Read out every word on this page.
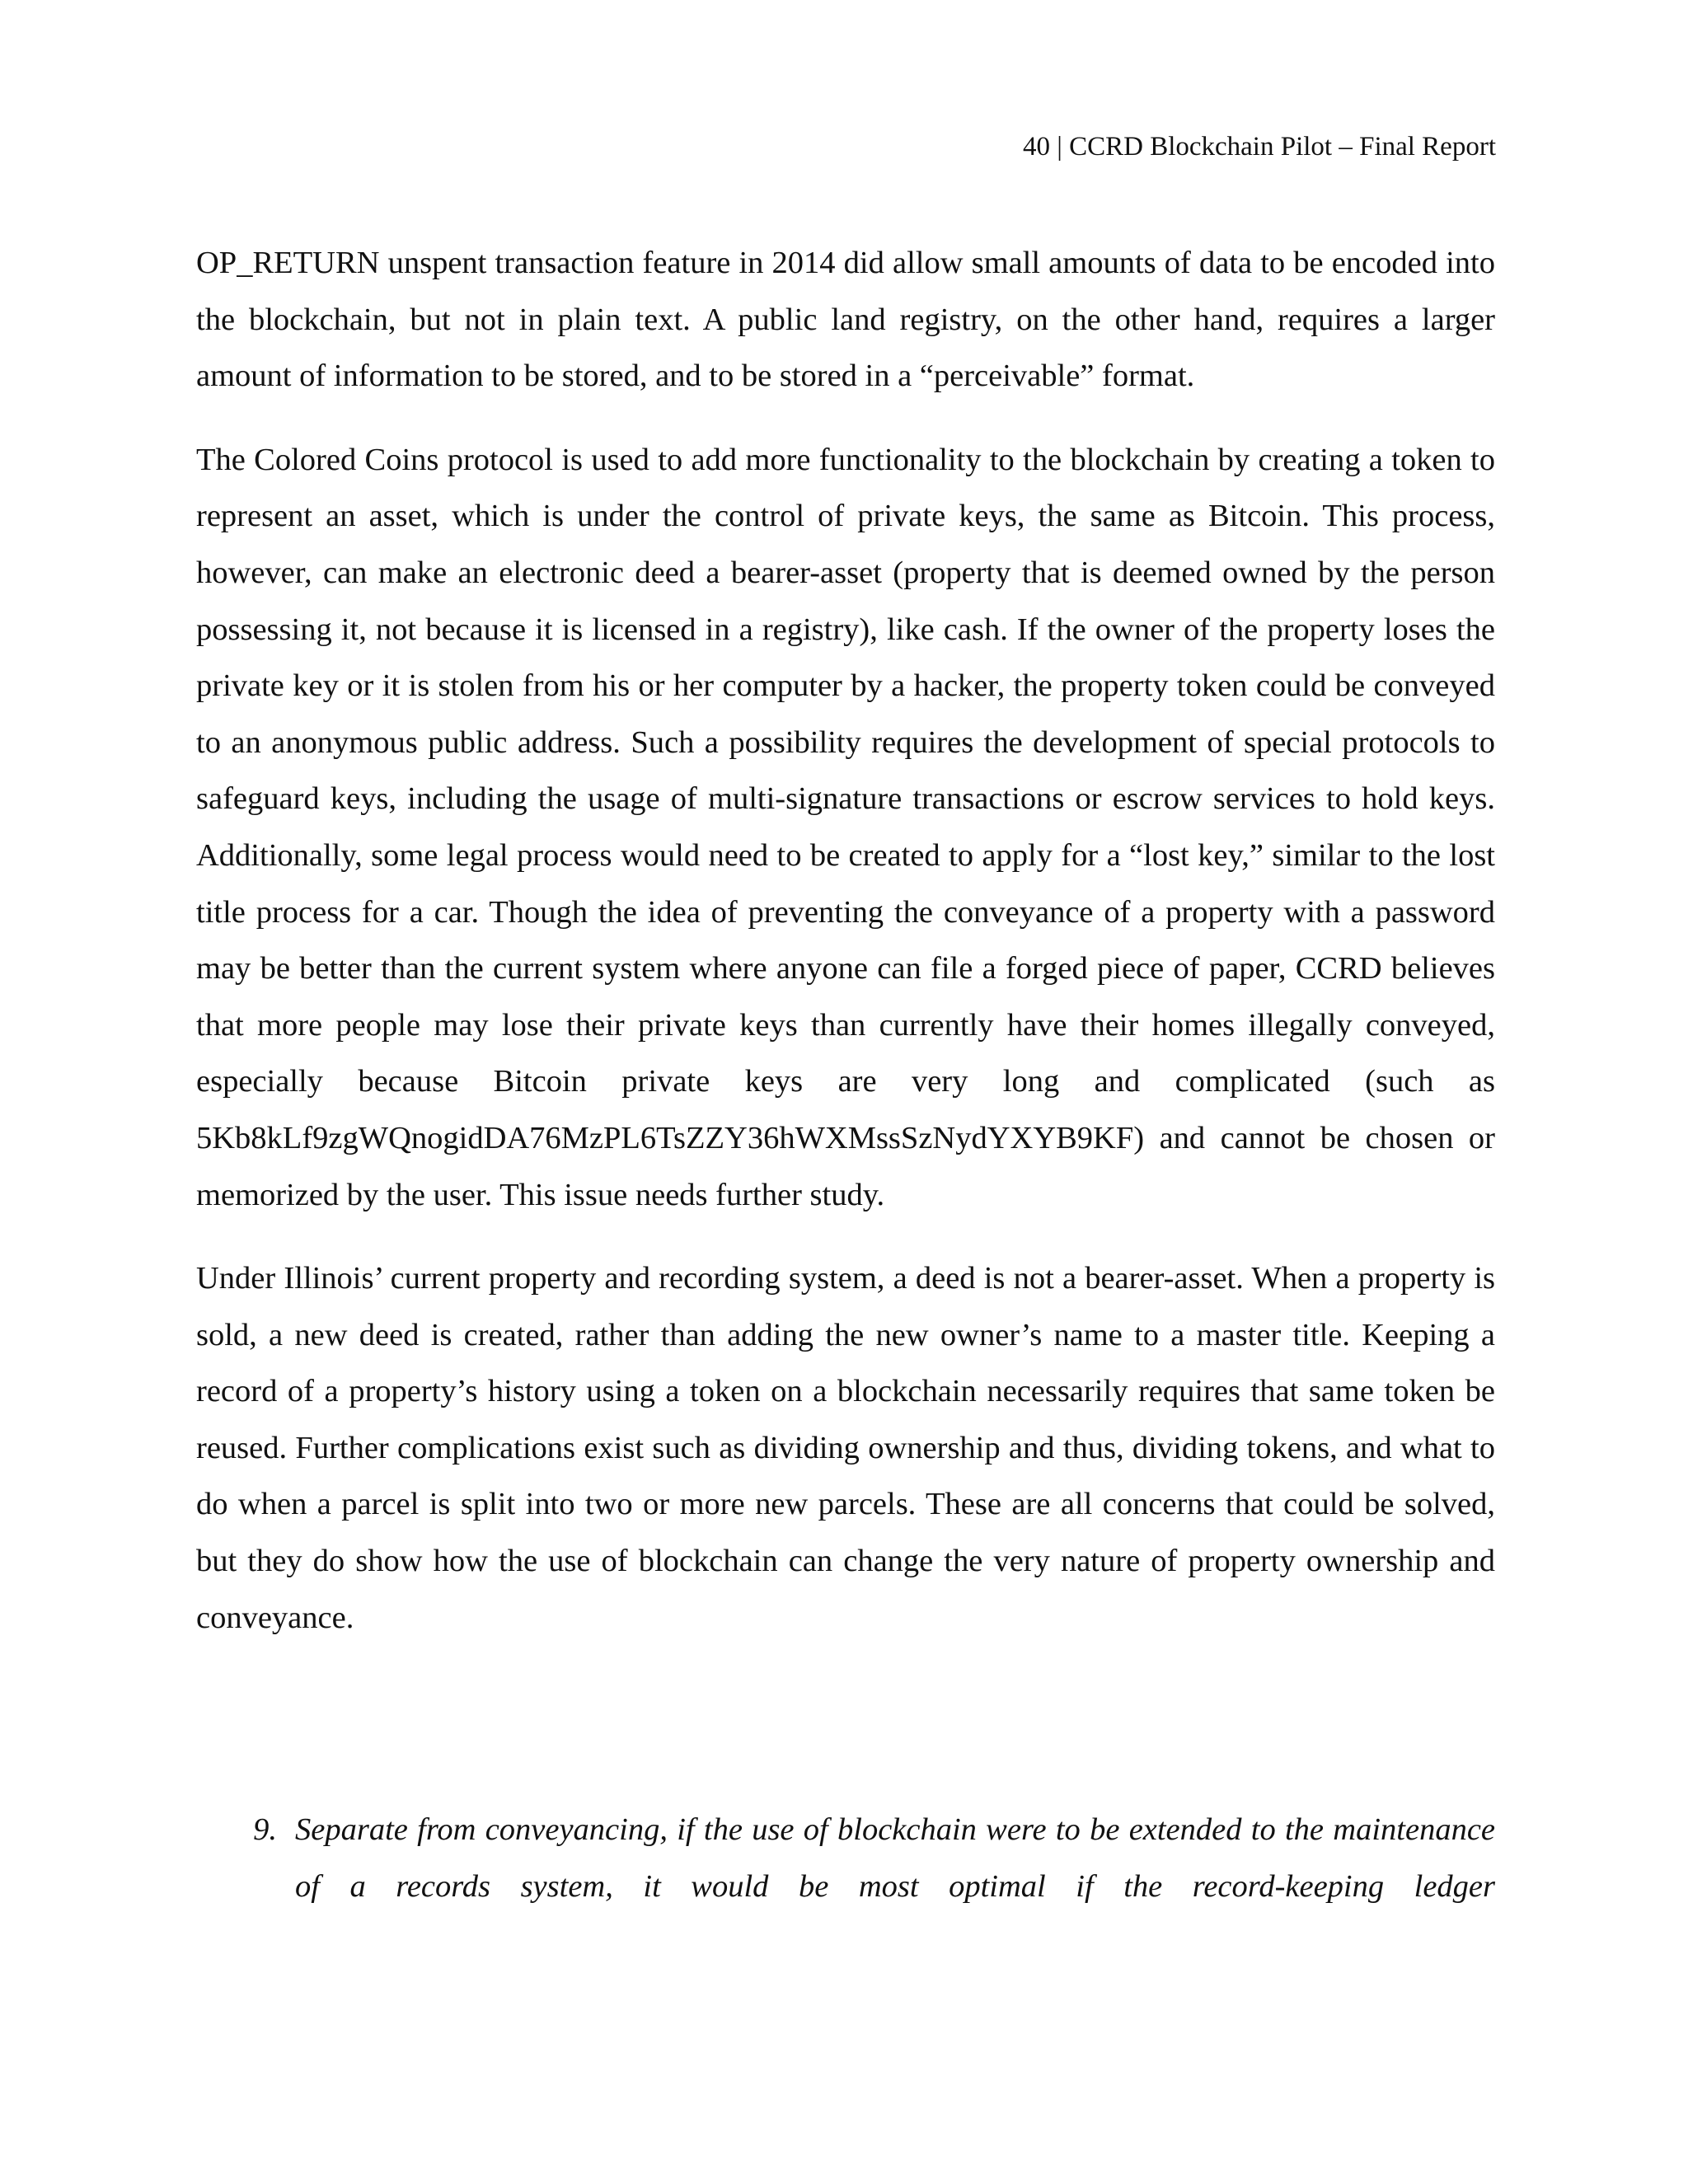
40 | CCRD Blockchain Pilot – Final Report

OP_RETURN unspent transaction feature in 2014 did allow small amounts of data to be encoded into the blockchain, but not in plain text. A public land registry, on the other hand, requires a larger amount of information to be stored, and to be stored in a “perceivable” format.

The Colored Coins protocol is used to add more functionality to the blockchain by creating a token to represent an asset, which is under the control of private keys, the same as Bitcoin. This process, however, can make an electronic deed a bearer-asset (property that is deemed owned by the person possessing it, not because it is licensed in a registry), like cash. If the owner of the property loses the private key or it is stolen from his or her computer by a hacker, the property token could be conveyed to an anonymous public address. Such a possibility requires the development of special protocols to safeguard keys, including the usage of multi-signature transactions or escrow services to hold keys. Additionally, some legal process would need to be created to apply for a “lost key,” similar to the lost title process for a car. Though the idea of preventing the conveyance of a property with a password may be better than the current system where anyone can file a forged piece of paper, CCRD believes that more people may lose their private keys than currently have their homes illegally conveyed, especially because Bitcoin private keys are very long and complicated (such as 5Kb8kLf9zgWQnogidDA76MzPL6TsZZY36hWXMssSzNydYXYB9KF) and cannot be chosen or memorized by the user. This issue needs further study.

Under Illinois’ current property and recording system, a deed is not a bearer-asset. When a property is sold, a new deed is created, rather than adding the new owner’s name to a master title. Keeping a record of a property’s history using a token on a blockchain necessarily requires that same token be reused. Further complications exist such as dividing ownership and thus, dividing tokens, and what to do when a parcel is split into two or more new parcels. These are all concerns that could be solved, but they do show how the use of blockchain can change the very nature of property ownership and conveyance.

9. Separate from conveyancing, if the use of blockchain were to be extended to the maintenance of a records system, it would be most optimal if the record-keeping ledger
